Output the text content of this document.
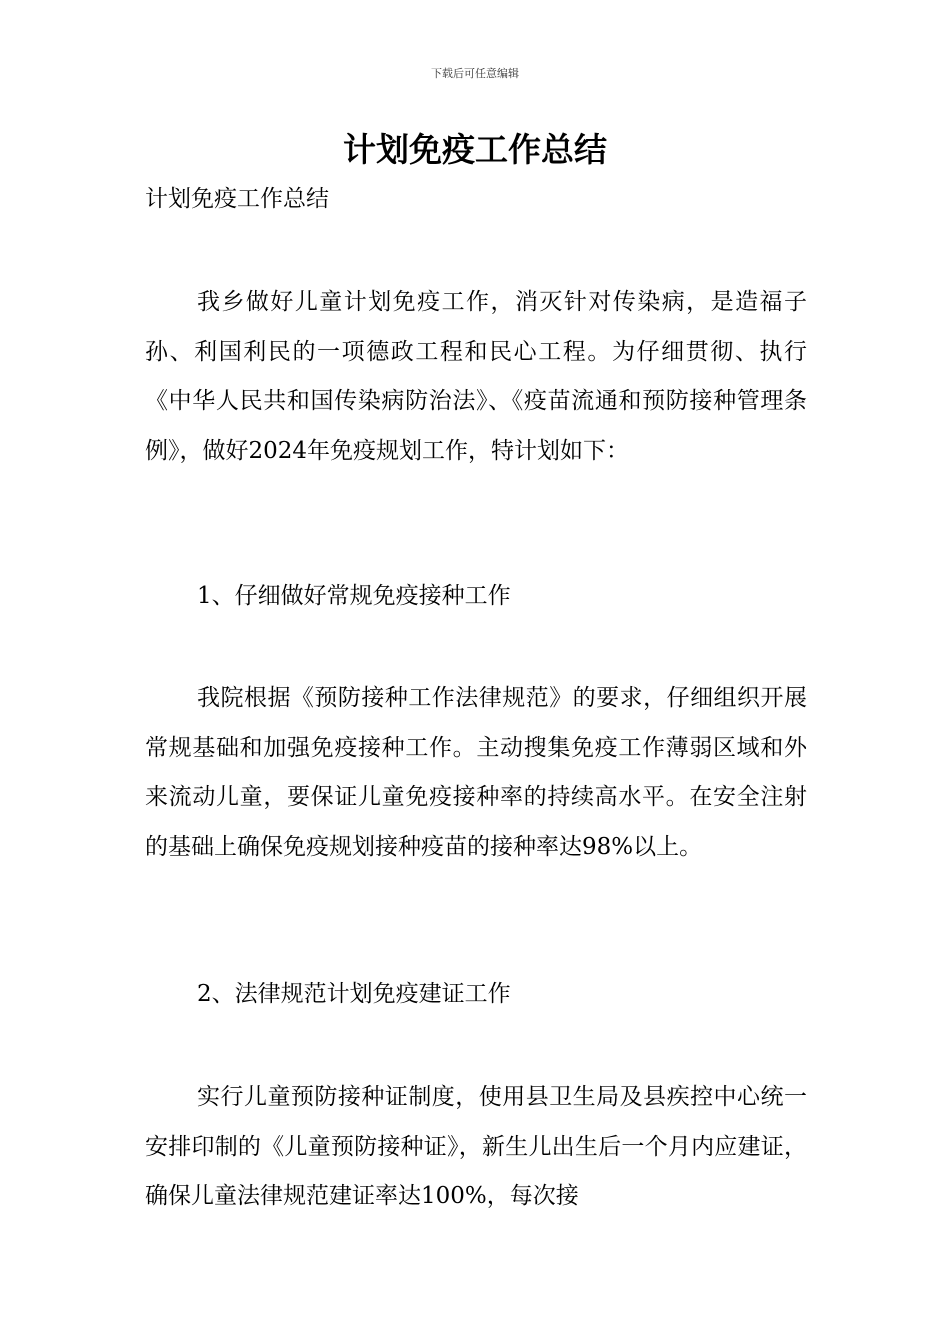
下载后可任意编辑
计划免疫工作总结
计划免疫工作总结

我乡做好儿童计划免疫工作，消灭针对传染病，是造福子孙、利国利民的一项德政工程和民心工程。为仔细贯彻、执行《中华人民共和国传染病防治法》、《疫苗流通和预防接种管理条例》，做好2024年免疫规划工作，特计划如下：

1、仔细做好常规免疫接种工作

我院根据《预防接种工作法律规范》的要求，仔细组织开展常规基础和加强免疫接种工作。主动搜集免疫工作薄弱区域和外来流动儿童，要保证儿童免疫接种率的持续高水平。在安全注射的基础上确保免疫规划接种疫苗的接种率达98%以上。

2、法律规范计划免疫建证工作

实行儿童预防接种证制度，使用县卫生局及县疾控中心统一安排印制的《儿童预防接种证》，新生儿出生后一个月内应建证，确保儿童法律规范建证率达100%，每次接
